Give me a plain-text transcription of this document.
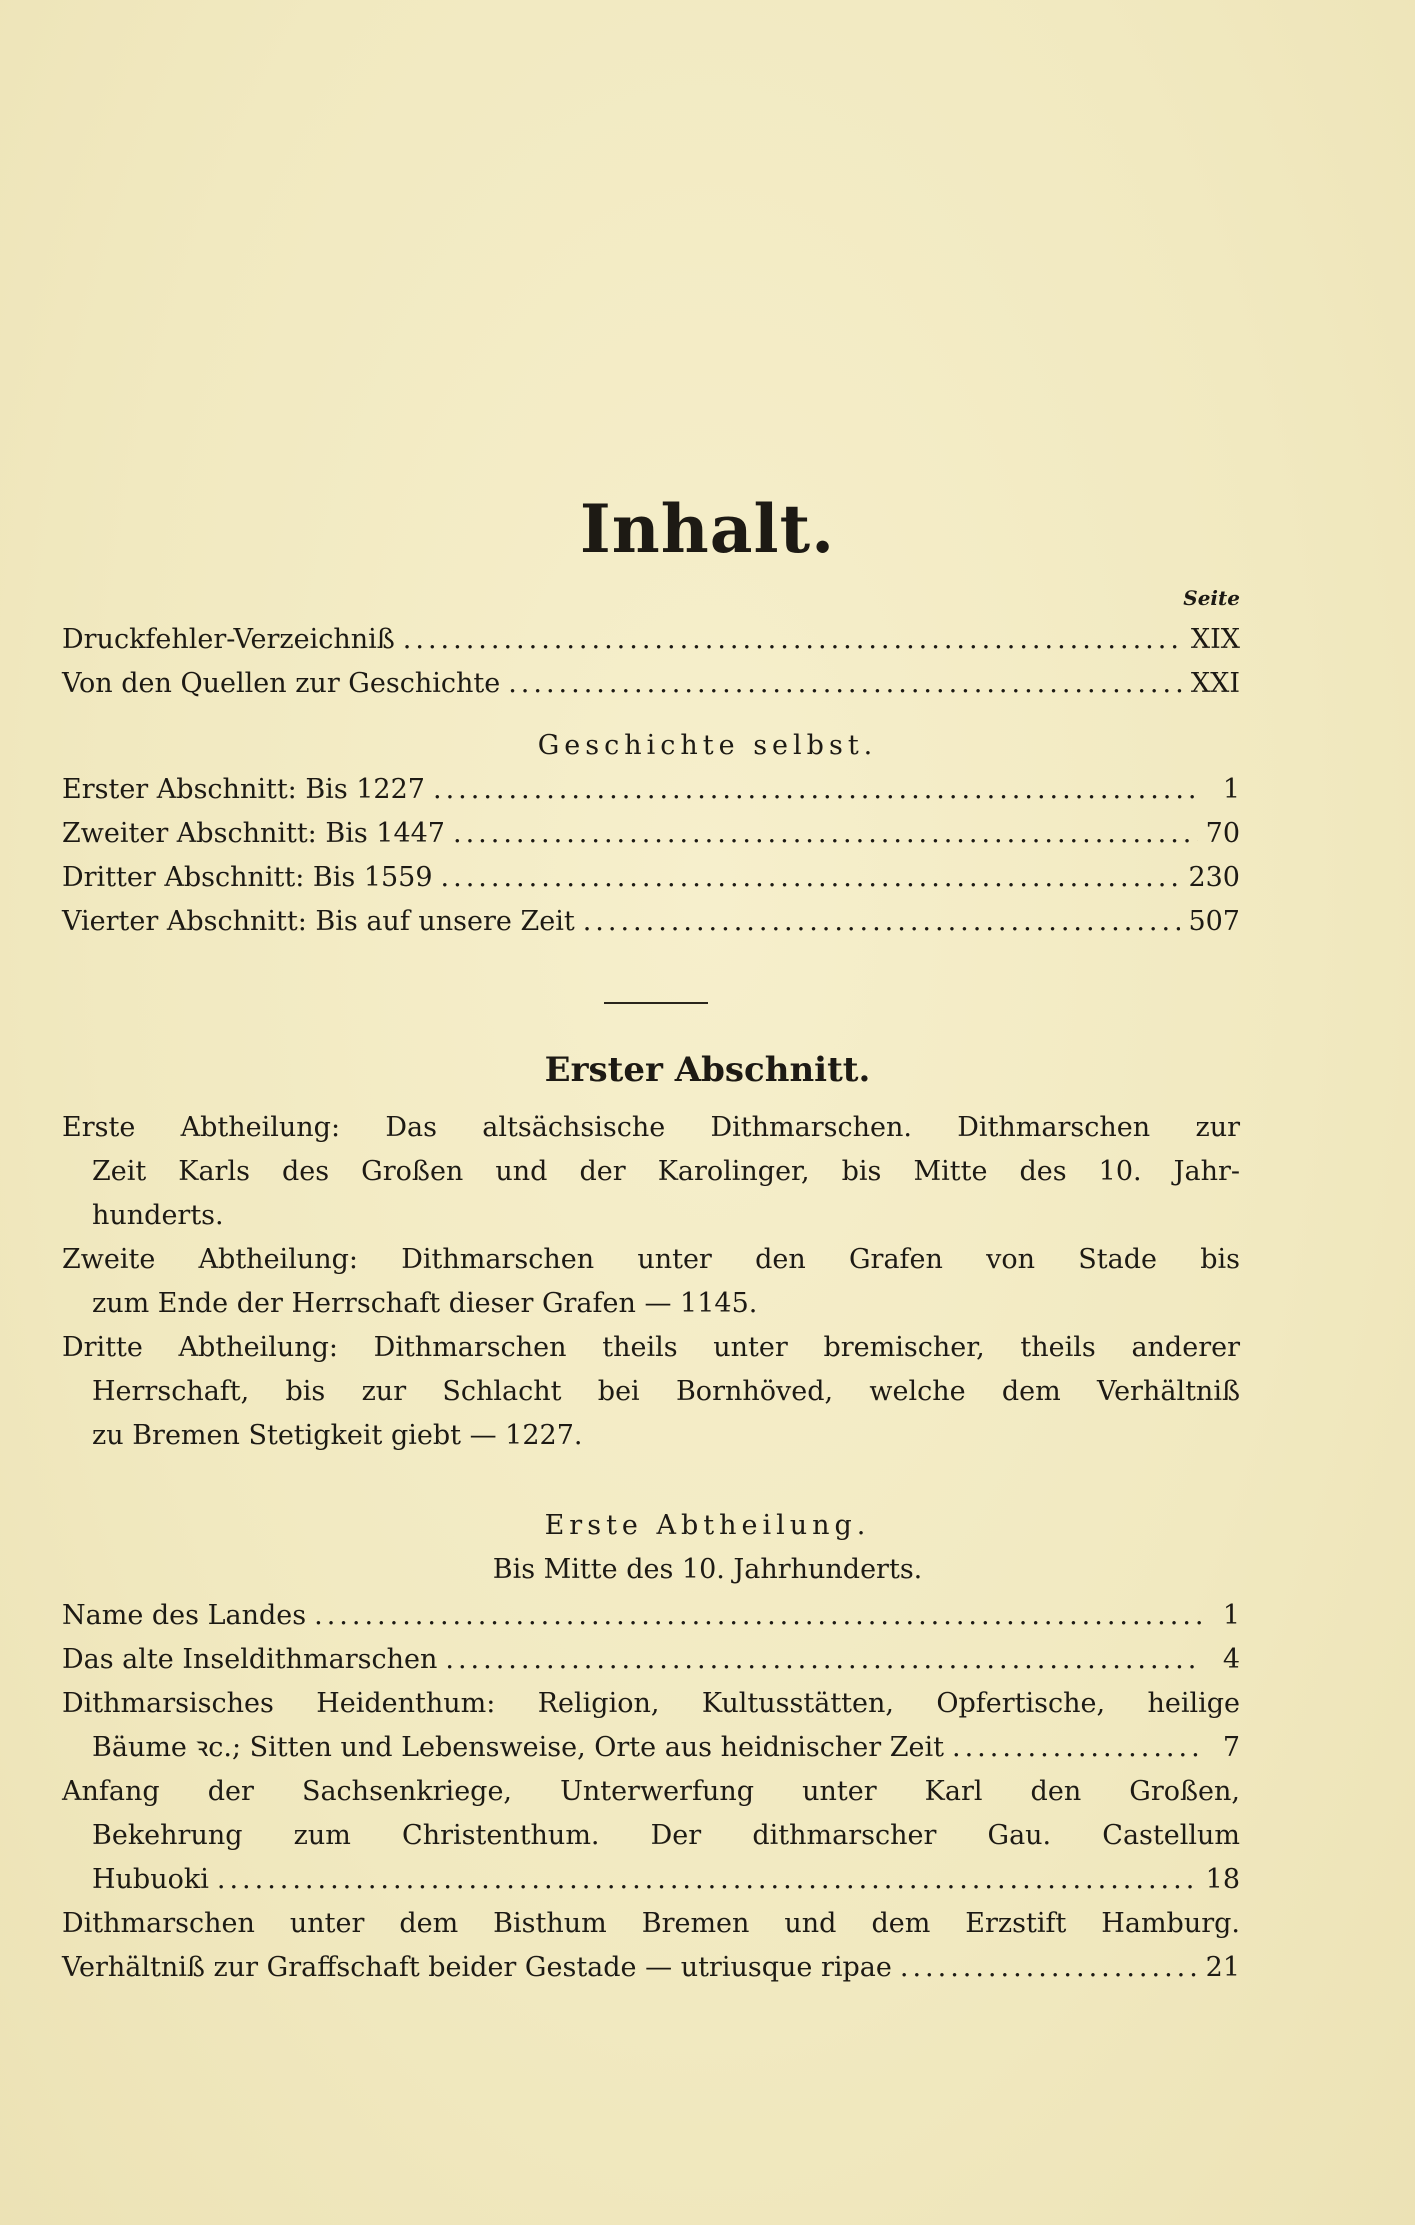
Inhalt.
Seite
Druckfehler-Verzeichniß .....	XIX
Von den Quellen zur Geschichte .....	XXI
Geschichte selbst.
Erster Abschnitt: Bis 1227 .....	1
Zweiter Abschnitt: Bis 1447 .....	70
Dritter Abschnitt: Bis 1559 .....	230
Vierter Abschnitt: Bis auf unsere Zeit .....	507
Erster Abschnitt.
Erste Abtheilung: Das altsächsische Dithmarschen. Dithmarschen zur
Zeit Karls des Großen und der Karolinger, bis Mitte des 10. Jahr-
hunderts.
Zweite Abtheilung: Dithmarschen unter den Grafen von Stade bis
zum Ende der Herrschaft dieser Grafen — 1145.
Dritte Abtheilung: Dithmarschen theils unter bremischer, theils anderer
Herrschaft, bis zur Schlacht bei Bornhöved, welche dem Verhältniß
zu Bremen Stetigkeit giebt — 1227.
Erste Abtheilung.
Bis Mitte des 10. Jahrhunderts.
Name des Landes .....	1
Das alte Inseldithmarschen .....	4
Dithmarsisches Heidenthum: Religion, Kultusstätten, Opfertische, heilige
Bäume ꝛc.; Sitten und Lebensweise, Orte aus heidnischer Zeit .....	7
Anfang der Sachsenkriege, Unterwerfung unter Karl den Großen,
Bekehrung zum Christenthum. Der dithmarscher Gau. Castellum
Hubuoki .....	18
Dithmarschen unter dem Bisthum Bremen und dem Erzstift Hamburg.
Verhältniß zur Graffschaft beider Gestade — utriusque ripae .....	21
